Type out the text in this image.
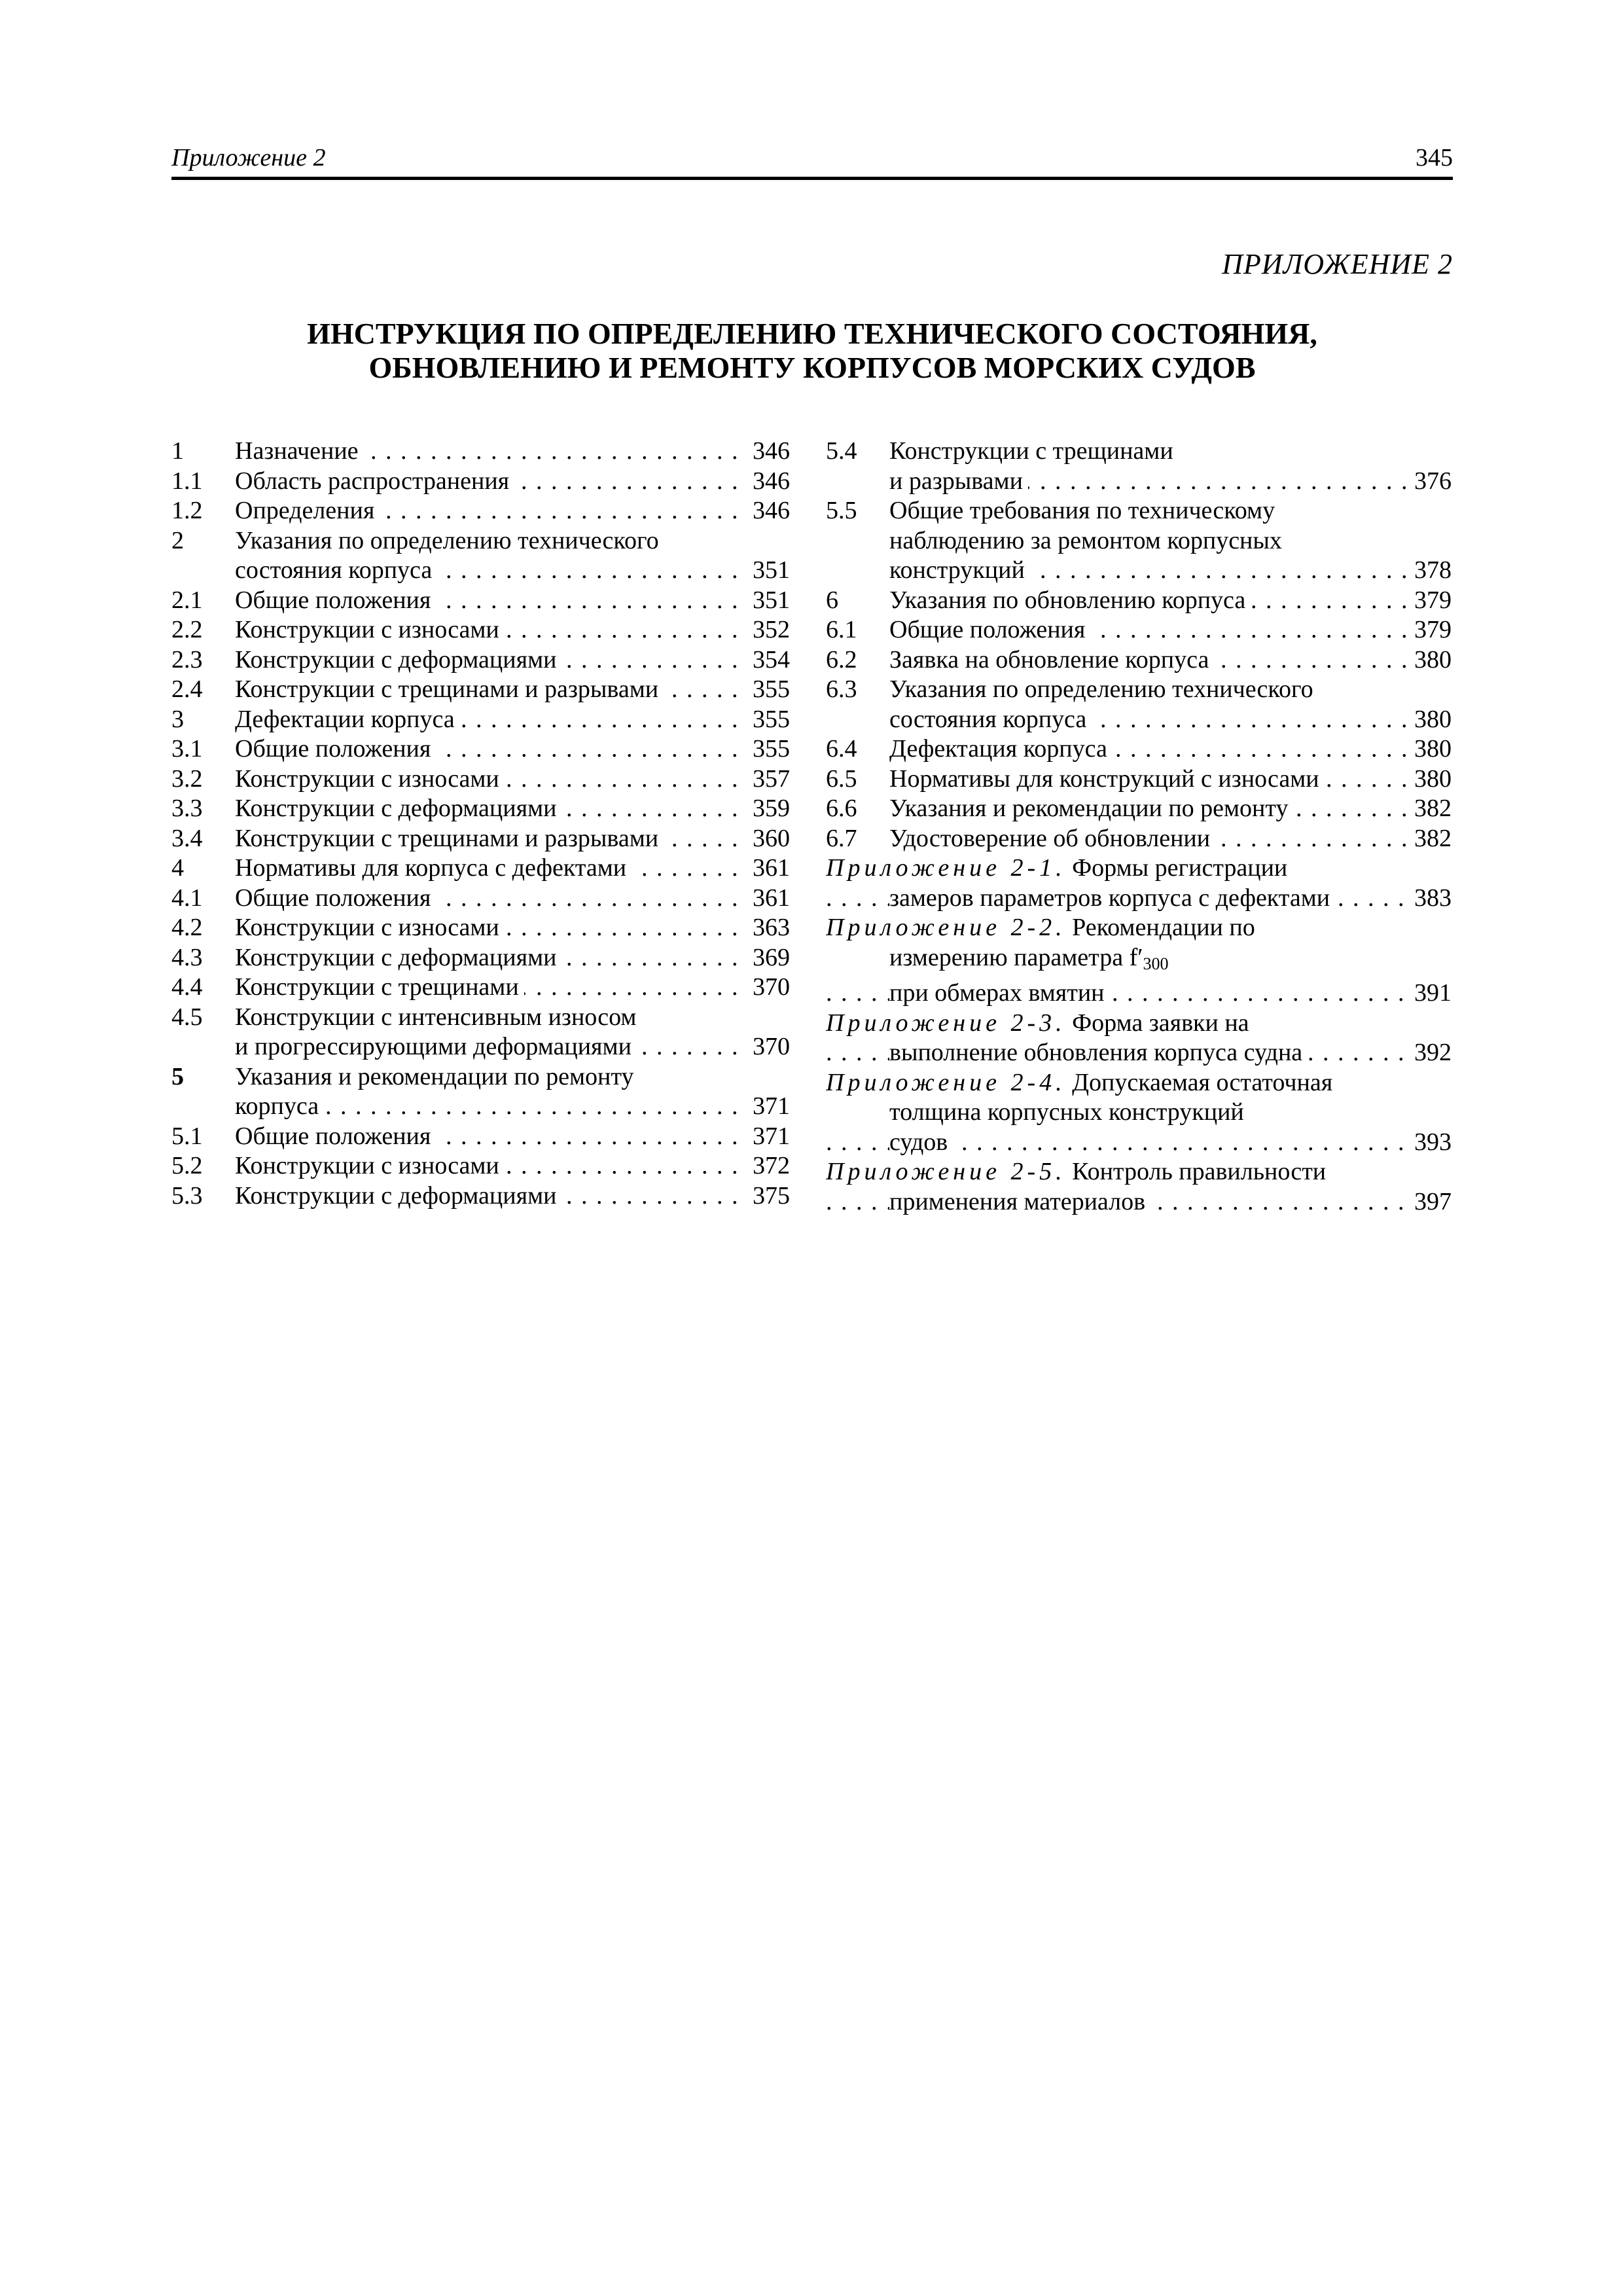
Приложение 2	345
ПРИЛОЖЕНИЕ 2
ИНСТРУКЦИЯ ПО ОПРЕДЕЛЕНИЮ ТЕХНИЧЕСКОГО СОСТОЯНИЯ,
ОБНОВЛЕНИЮ И РЕМОНТУ КОРПУСОВ МОРСКИХ СУДОВ
1	Назначение . . .	346
1.1	Область распространения . . .	346
1.2	Определения . . .	346
2	Указания по определению технического
состояния корпуса . . .	351
2.1	Общие положения . . .	351
2.2	Конструкции с износами . . .	352
2.3	Конструкции с деформациями . . .	354
2.4	Конструкции с трещинами и разрывами . . .	355
3	Дефектации корпуса . . .	355
3.1	Общие положения . . .	355
3.2	Конструкции с износами . . .	357
3.3	Конструкции с деформациями . . .	359
3.4	Конструкции с трещинами и разрывами . . .	360
4	Нормативы для корпуса с дефектами . . .	361
4.1	Общие положения . . .	361
4.2	Конструкции с износами . . .	363
4.3	Конструкции с деформациями . . .	369
4.4	Конструкции с трещинами . . .	370
4.5	Конструкции с интенсивным износом
и прогрессирующими деформациями . . .	370
5	Указания и рекомендации по ремонту
корпуса . . .	371
5.1	Общие положения . . .	371
5.2	Конструкции с износами . . .	372
5.3	Конструкции с деформациями . . .	375
5.4	Конструкции с трещинами
и разрывами . . .	376
5.5	Общие требования по техническому
наблюдению за ремонтом корпусных
конструкций . . .	378
6	Указания по обновлению корпуса . . .	379
6.1	Общие положения . . .	379
6.2	Заявка на обновление корпуса . . .	380
6.3	Указания по определению технического
состояния корпуса . . .	380
6.4	Дефектация корпуса . . .	380
6.5	Нормативы для конструкций с износами . . .	380
6.6	Указания и рекомендации по ремонту . . .	382
6.7	Удостоверение об обновлении . . .	382
Приложение 2-1. Формы регистрации
замеров параметров корпуса с дефектами . . .	383
Приложение 2-2. Рекомендации по
измерению параметра $f'_{300}$
при обмерах вмятин . . .	391
Приложение 2-3. Форма заявки на
выполнение обновления корпуса судна . . .	392
Приложение 2-4. Допускаемая остаточная
толщина корпусных конструкций
судов . . .	393
Приложение 2-5. Контроль правильности
применения материалов . . .	397
